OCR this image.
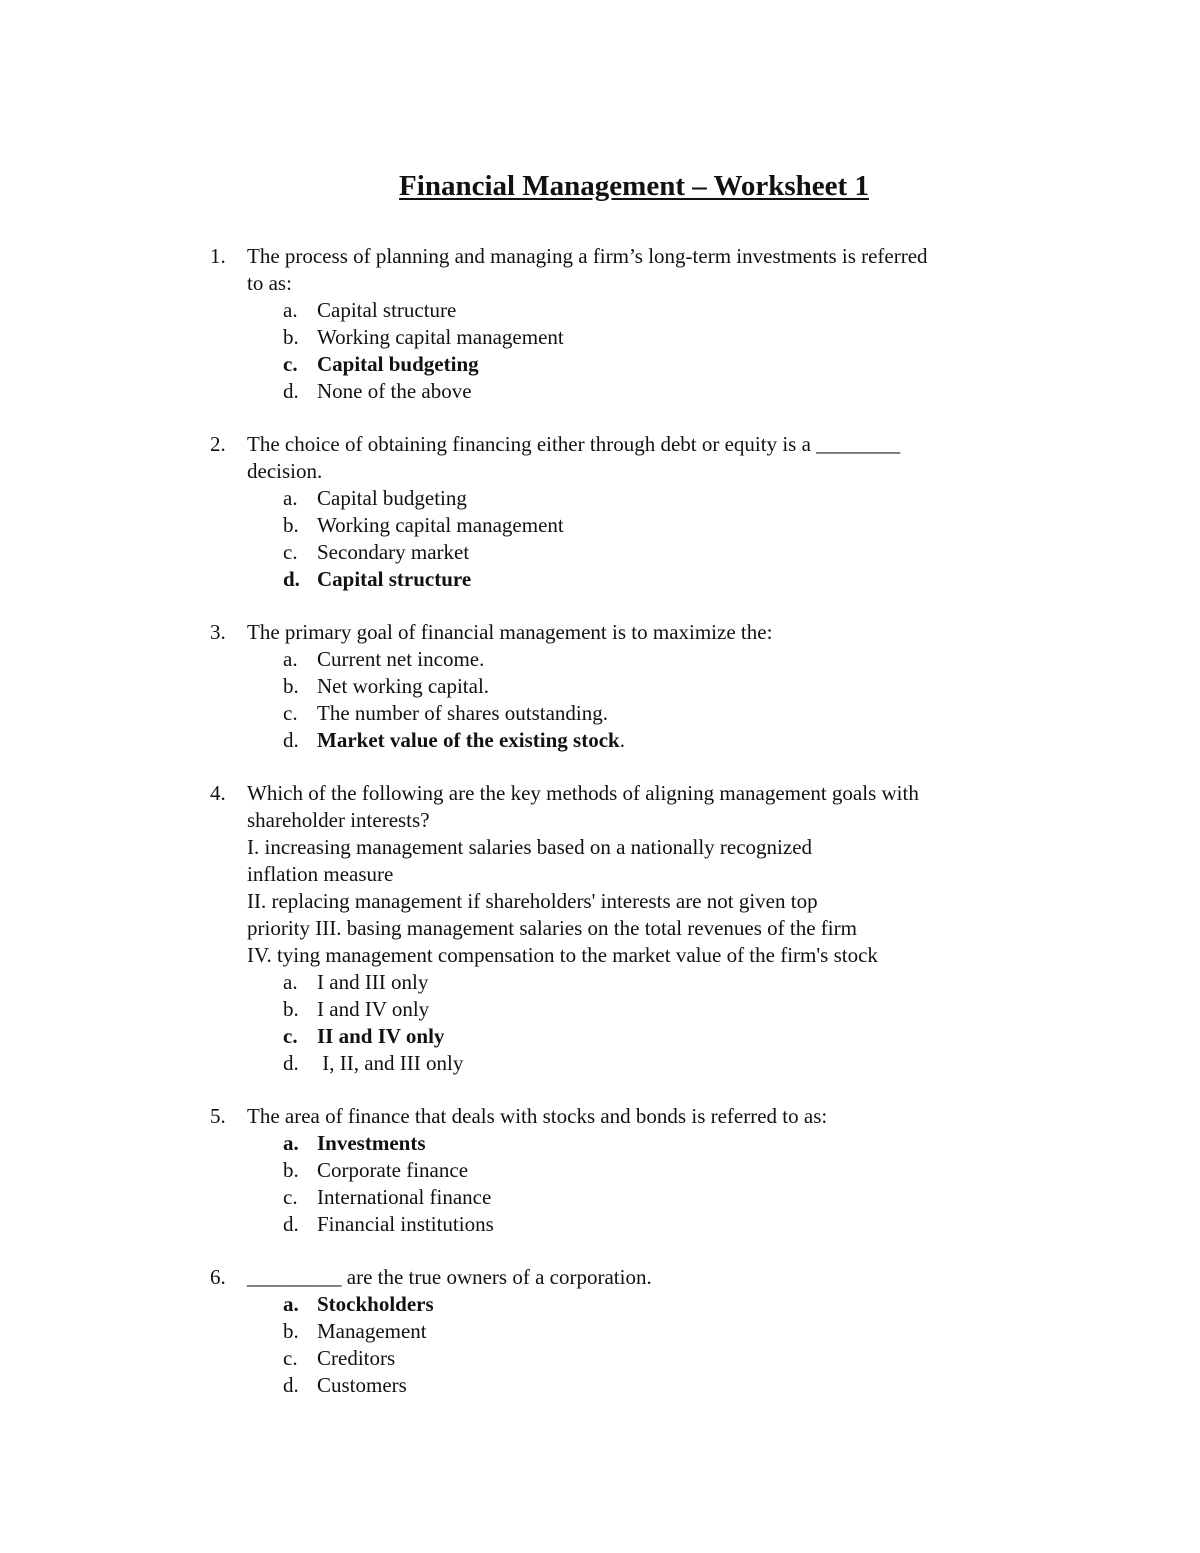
Financial Management – Worksheet 1
1.	The process of planning and managing a firm’s long-term investments is referred
to as:
a. Capital structure
b. Working capital management
c. Capital budgeting
d. None of the above
2.	The choice of obtaining financing either through debt or equity is a ________
decision.
a. Capital budgeting
b. Working capital management
c. Secondary market
d. Capital structure
3.	The primary goal of financial management is to maximize the:
a. Current net income.
b. Net working capital.
c. The number of shares outstanding.
d. Market value of the existing stock .
4.	Which of the following are the key methods of aligning management goals with
shareholder interests?
I. increasing management salaries based on a nationally recognized
inflation measure
II. replacing management if shareholders' interests are not given top
priority III. basing management salaries on the total revenues of the firm
IV. tying management compensation to the market value of the firm's stock
a. I and III only
b. I and IV only
c. II and IV only
d. I, II, and III only
5.	The area of finance that deals with stocks and bonds is referred to as:
a. Investments
b. Corporate finance
c. International finance
d. Financial institutions
6.	_________ are the true owners of a corporation.
a. Stockholders
b. Management
c. Creditors
d. Customers
